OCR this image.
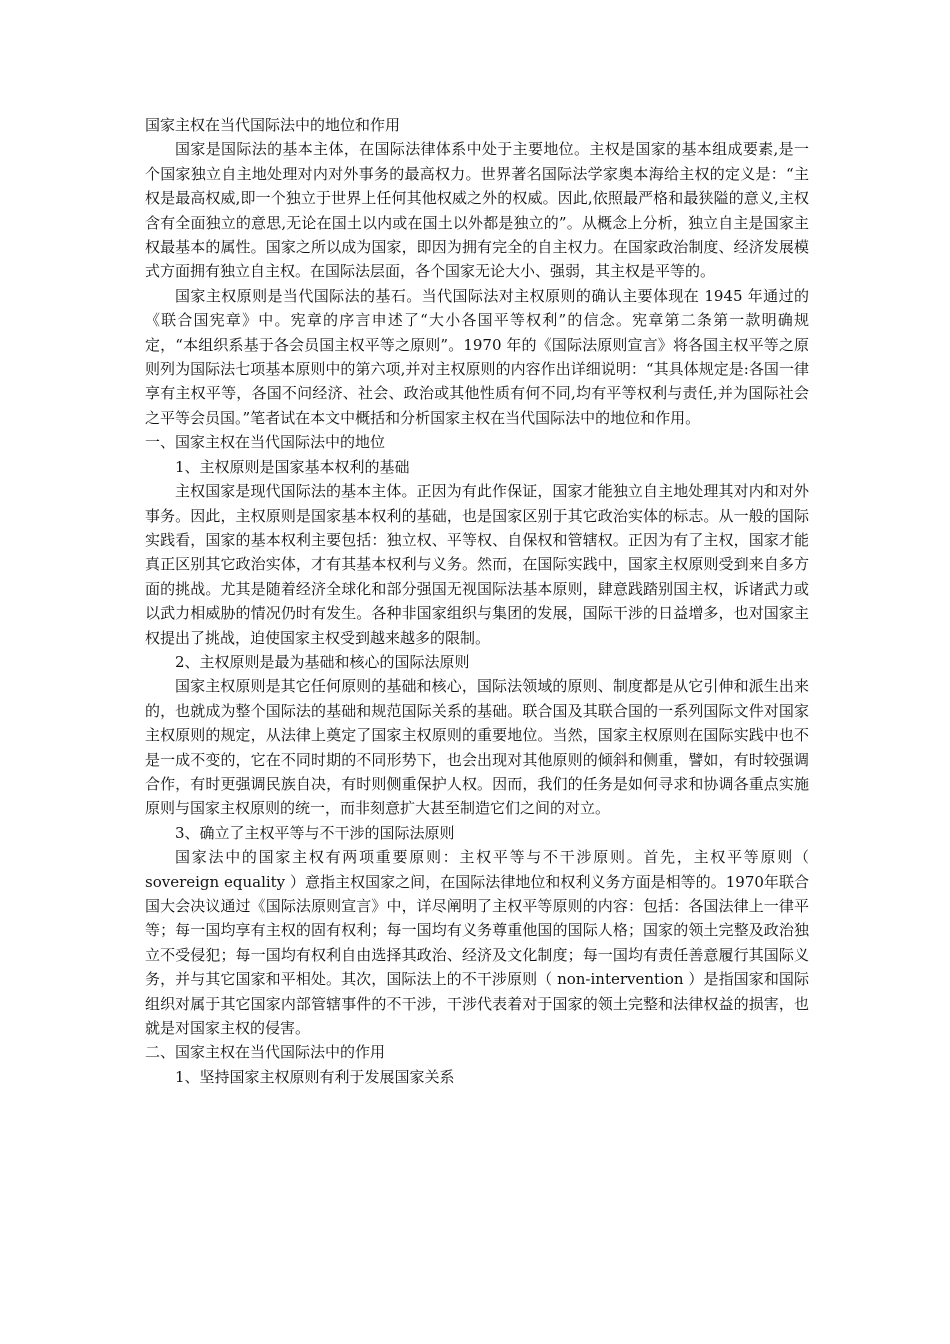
国家主权在当代国际法中的地位和作用

国家是国际法的基本主体，在国际法律体系中处于主要地位。主权是国家的基本组成要素,是一个国家独立自主地处理对内对外事务的最高权力。世界著名国际法学家奥本海给主权的定义是：“主权是最高权威,即一个独立于世界上任何其他权威之外的权威。因此,依照最严格和最狭隘的意义,主权含有全面独立的意思,无论在国土以内或在国土以外都是独立的”。从概念上分析，独立自主是国家主权最基本的属性。国家之所以成为国家，即因为拥有完全的自主权力。在国家政治制度、经济发展模式方面拥有独立自主权。在国际法层面，各个国家无论大小、强弱，其主权是平等的。

国家主权原则是当代国际法的基石。当代国际法对主权原则的确认主要体现在 1945 年通过的《联合国宪章》中。宪章的序言申述了“大小各国平等权利”的信念。宪章第二条第一款明确规定，“本组织系基于各会员国主权平等之原则”。1970 年的《国际法原则宣言》将各国主权平等之原则列为国际法七项基本原则中的第六项,并对主权原则的内容作出详细说明：“其具体规定是:各国一律享有主权平等，各国不问经济、社会、政治或其他性质有何不同,均有平等权利与责任,并为国际社会之平等会员国。”笔者试在本文中概括和分析国家主权在当代国际法中的地位和作用。

一、国家主权在当代国际法中的地位

1、主权原则是国家基本权利的基础

主权国家是现代国际法的基本主体。正因为有此作保证，国家才能独立自主地处理其对内和对外事务。因此，主权原则是国家基本权利的基础，也是国家区别于其它政治实体的标志。从一般的国际实践看，国家的基本权利主要包括：独立权、平等权、自保权和管辖权。正因为有了主权，国家才能真正区别其它政治实体，才有其基本权利与义务。然而，在国际实践中，国家主权原则受到来自多方面的挑战。尤其是随着经济全球化和部分强国无视国际法基本原则，肆意践踏别国主权，诉诸武力或以武力相威胁的情况仍时有发生。各种非国家组织与集团的发展，国际干涉的日益增多，也对国家主权提出了挑战，迫使国家主权受到越来越多的限制。

2、主权原则是最为基础和核心的国际法原则

国家主权原则是其它任何原则的基础和核心，国际法领域的原则、制度都是从它引伸和派生出来的，也就成为整个国际法的基础和规范国际关系的基础。联合国及其联合国的一系列国际文件对国家主权原则的规定，从法律上奠定了国家主权原则的重要地位。当然，国家主权原则在国际实践中也不是一成不变的，它在不同时期的不同形势下，也会出现对其他原则的倾斜和侧重，譬如，有时较强调合作，有时更强调民族自决，有时则侧重保护人权。因而，我们的任务是如何寻求和协调各重点实施原则与国家主权原则的统一，而非刻意扩大甚至制造它们之间的对立。

3、确立了主权平等与不干涉的国际法原则

国家法中的国家主权有两项重要原则：主权平等与不干涉原则。首先，主权平等原则（ sovereign equality ）意指主权国家之间，在国际法律地位和权利义务方面是相等的。1970年联合国大会决议通过《国际法原则宣言》中，详尽阐明了主权平等原则的内容：包括：各国法律上一律平等；每一国均享有主权的固有权利；每一国均有义务尊重他国的国际人格；国家的领土完整及政治独立不受侵犯；每一国均有权利自由选择其政治、经济及文化制度；每一国均有责任善意履行其国际义务，并与其它国家和平相处。其次，国际法上的不干涉原则（ non-intervention ）是指国家和国际组织对属于其它国家内部管辖事件的不干涉，干涉代表着对于国家的领土完整和法律权益的损害，也就是对国家主权的侵害。

二、国家主权在当代国际法中的作用

1、坚持国家主权原则有利于发展国家关系
